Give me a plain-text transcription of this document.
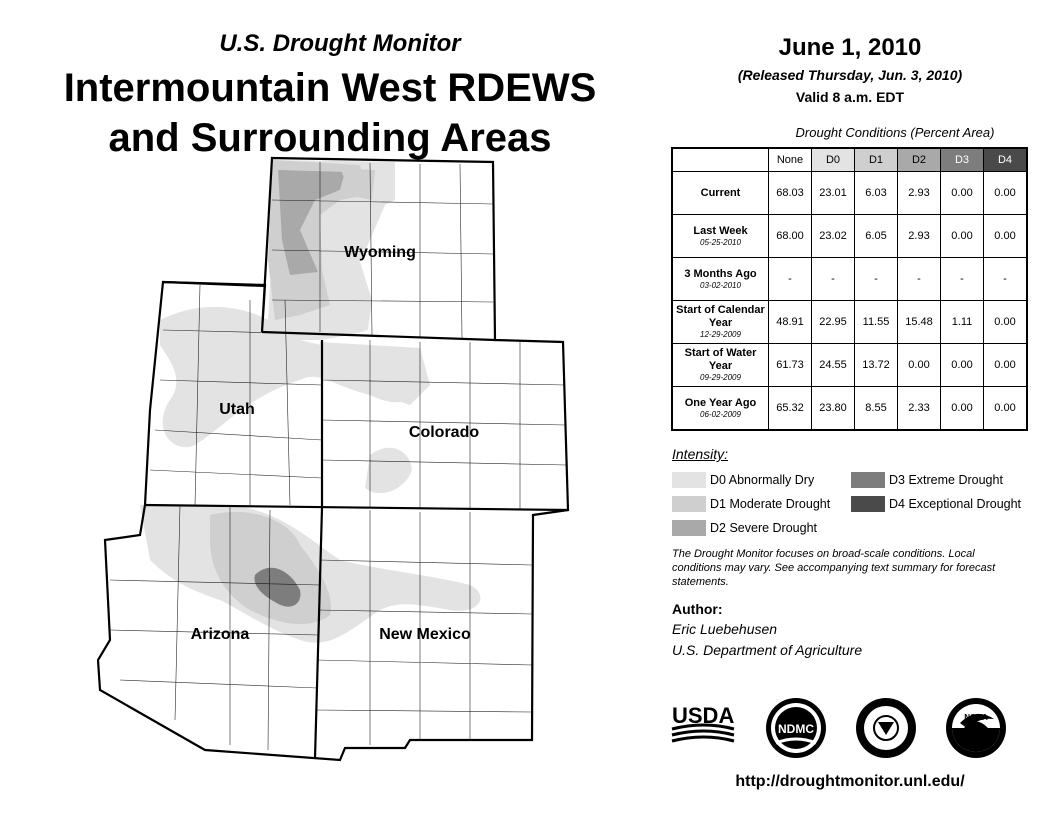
U.S. Drought Monitor
Intermountain West RDEWS
and Surrounding Areas
June 1, 2010
(Released Thursday, Jun. 3, 2010)
Valid 8 a.m. EDT
Wyoming
Utah
Colorado
Arizona	New Mexico
Drought Conditions (Percent Area)
	None	D0	D1	D2	D3	D4
Current	68.03	23.01	6.03	2.93	0.00	0.00
Last Week
05-25-2010	68.00	23.02	6.05	2.93	0.00	0.00
3 Months Ago
03-02-2010	-	-	-	-	-	-
Start of Calendar Year
12-29-2009	48.91	22.95	11.55	15.48	1.11	0.00
Start of Water Year
09-29-2009	61.73	24.55	13.72	0.00	0.00	0.00
One Year Ago
06-02-2009	65.32	23.80	8.55	2.33	0.00	0.00
Intensity:
D0 Abnormally Dry
D1 Moderate Drought
D2 Severe Drought
D3 Extreme Drought
D4 Exceptional Drought
The Drought Monitor focuses on broad-scale conditions. Local conditions may vary. See accompanying text summary for forecast statements.
Author:
Eric Luebehusen
U.S. Department of Agriculture
USDA
NDMC
NOAA
http://droughtmonitor.unl.edu/
